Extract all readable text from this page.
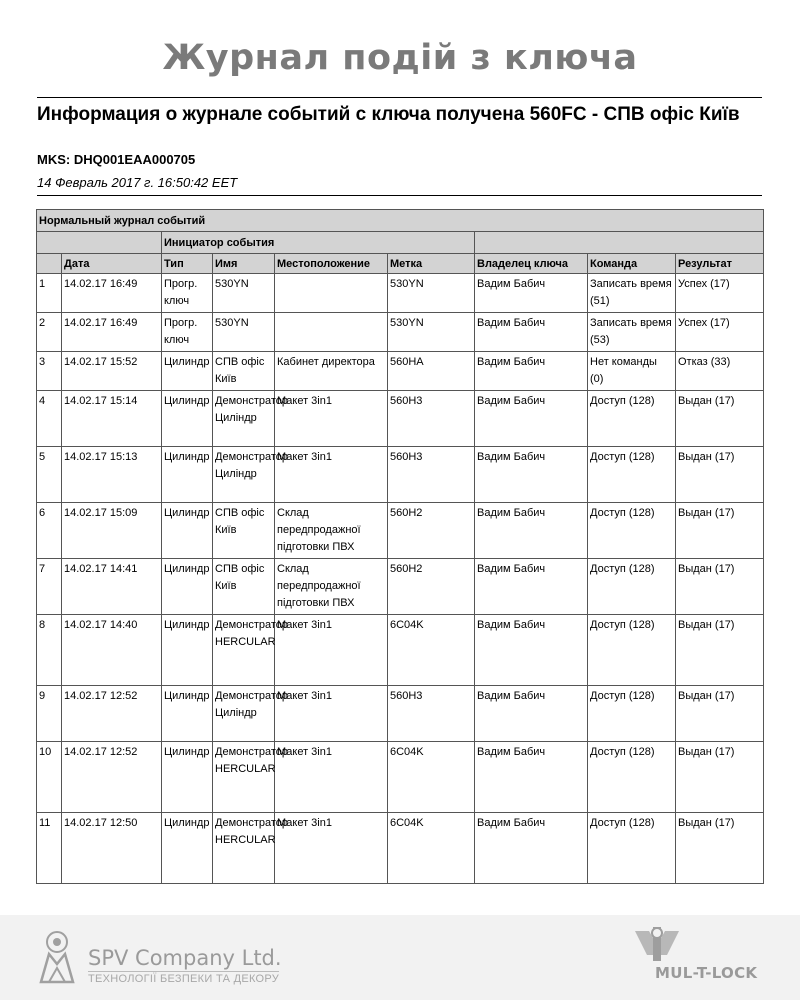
Журнал подій з ключа
Информация о журнале событий с ключа получена 560FC - СПВ офіс Київ
MKS: DHQ001EAA000705
14 Февраль 2017 г. 16:50:42 EET
Нормальный журнал событий								
		Инициатор события						
	Дата	Тип	Имя	Местоположение	Метка	Владелец ключа	Команда	Результат
1	14.02.17 16:49	Прогр. ключ	530YN		530YN	Вадим Бабич	Записать время (51)	Успех (17)
2	14.02.17 16:49	Прогр. ключ	530YN		530YN	Вадим Бабич	Записать время (53)	Успех (17)
3	14.02.17 15:52	Цилиндр	СПВ офіс Київ	Кабинет директора	560HA	Вадим Бабич	Нет команды (0)	Отказ (33)
4	14.02.17 15:14	Цилиндр	Демонстратор Циліндр	Макет 3in1	560H3	Вадим Бабич	Доступ (128)	Выдан (17)
5	14.02.17 15:13	Цилиндр	Демонстратор Циліндр	Макет 3in1	560H3	Вадим Бабич	Доступ (128)	Выдан (17)
6	14.02.17 15:09	Цилиндр	СПВ офіс Київ	Склад передпродажної підготовки ПВХ	560H2	Вадим Бабич	Доступ (128)	Выдан (17)
7	14.02.17 14:41	Цилиндр	СПВ офіс Київ	Склад передпродажної підготовки ПВХ	560H2	Вадим Бабич	Доступ (128)	Выдан (17)
8	14.02.17 14:40	Цилиндр	Демонстратор HERCULAR	Макет 3in1	6C04K	Вадим Бабич	Доступ (128)	Выдан (17)
9	14.02.17 12:52	Цилиндр	Демонстратор Циліндр	Макет 3in1	560H3	Вадим Бабич	Доступ (128)	Выдан (17)
10	14.02.17 12:52	Цилиндр	Демонстратор HERCULAR	Макет 3in1	6C04K	Вадим Бабич	Доступ (128)	Выдан (17)
11	14.02.17 12:50	Цилиндр	Демонстратор HERCULAR	Макет 3in1	6C04K	Вадим Бабич	Доступ (128)	Выдан (17)
SPV Company Ltd.
ТЕХНОЛОГІЇ БЕЗПЕКИ ТА ДЕКОРУ	MUL-T-LOCK
